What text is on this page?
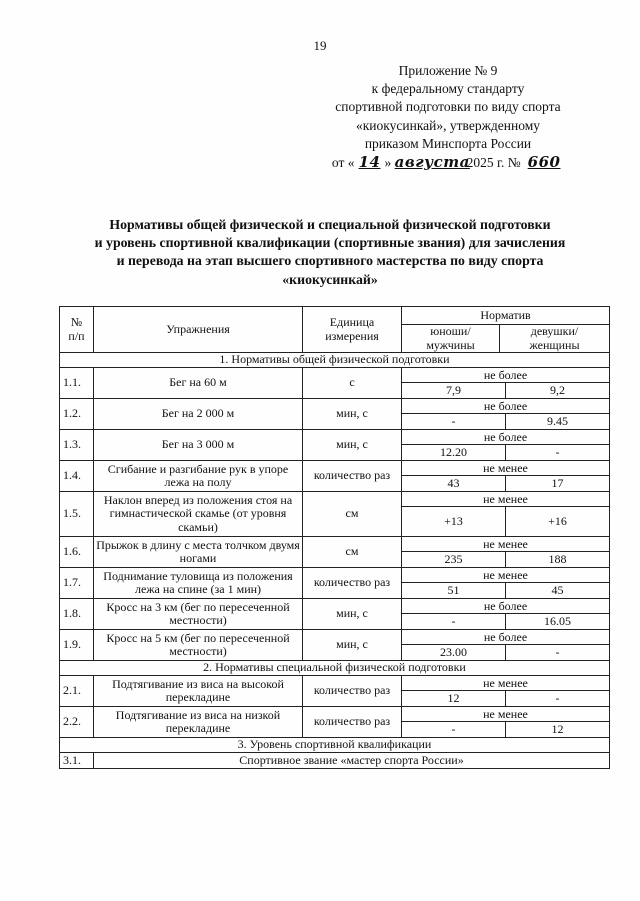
19
Приложение № 9
к федеральному стандарту
спортивной подготовки по виду спорта
«киокусинкай», утвержденному
приказом Минспорта России
от « 14 » августа2025 г. № 660
Нормативы общей физической и специальной физической подготовки
и уровень спортивной квалификации (спортивные звания) для зачисления
и перевода на этап высшего спортивного мастерства по виду спорта
«киокусинкай»
№ п/п	Упражнения	Единица измерения	Норматив	
			юноши/ мужчины	девушки/ женщины
1. Нормативы общей физической подготовки				
1.1.	Бег на 60 м	с	не более
7,9 9,2	

1.2.	Бег на 2 000 м	мин, с	не более
- 9.45	

1.3.	Бег на 3 000 м	мин, с	не более
12.20 -	

1.4.	Сгибание и разгибание рук в упоре лежа на полу	количество раз	не менее
43 17	

1.5.	Наклон вперед из положения стоя на гимнастической скамье (от уровня скамьи)	см	не менее
+13 +16	

1.6.	Прыжок в длину с места толчком двумя ногами	см	не менее
235 188	

1.7.	Поднимание туловища из положения лежа на спине (за 1 мин)	количество раз	не менее
51 45	

1.8.	Кросс на 3 км (бег по пересеченной местности)	мин, с	не более
- 16.05	

1.9.	Кросс на 5 км (бег по пересеченной местности)	мин, с	не более
23.00 -	

2. Нормативы специальной физической подготовки				
2.1.	Подтягивание из виса на высокой перекладине	количество раз	не менее
12 -	

2.2.	Подтягивание из виса на низкой перекладине	количество раз	не менее
- 12	

3. Уровень спортивной квалификации				
3.1.	Спортивное звание «мастер спорта России»			
